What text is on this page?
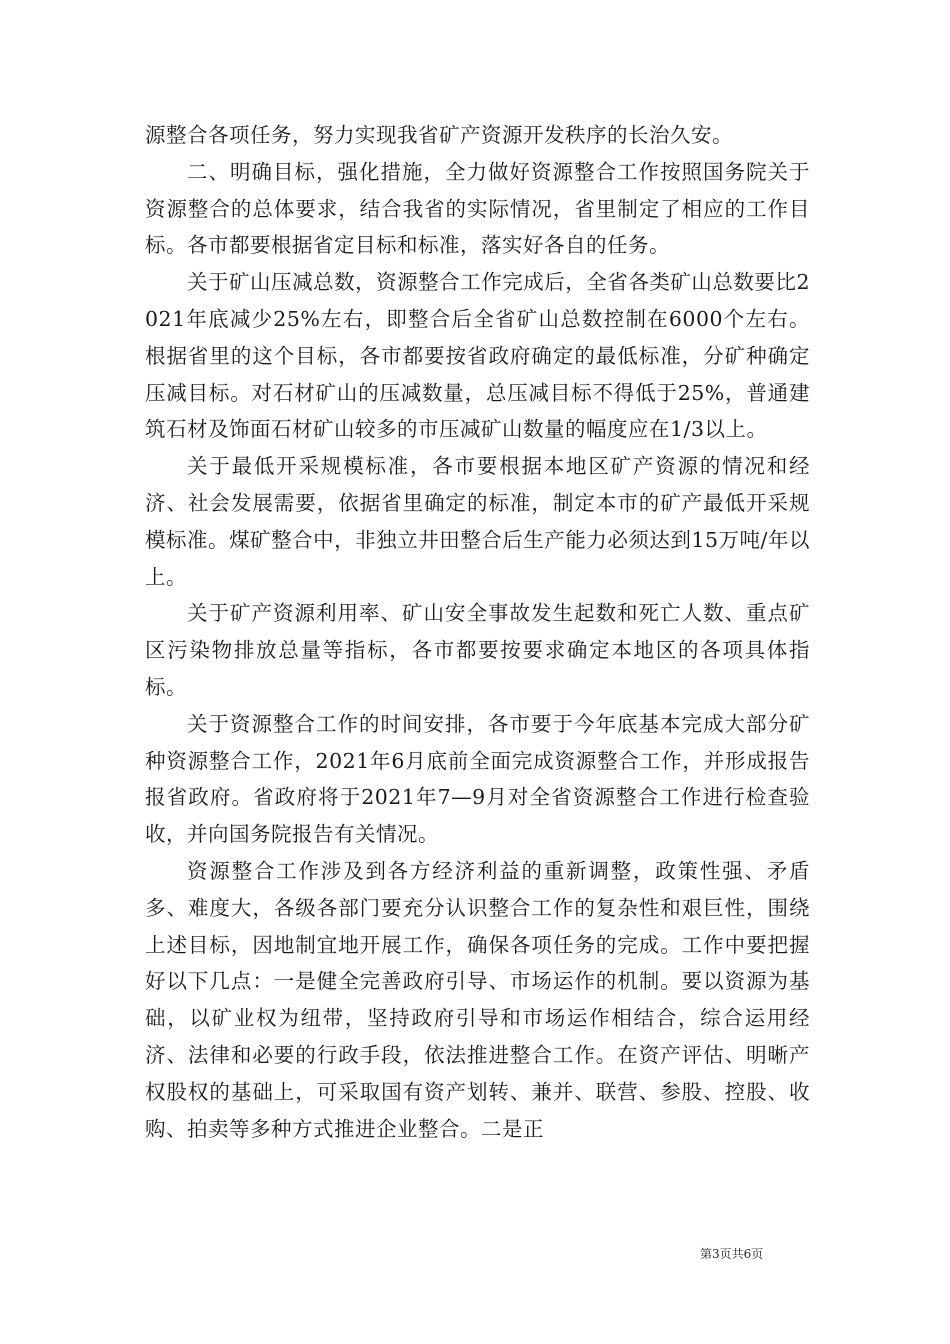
源整合各项任务，努力实现我省矿产资源开发秩序的长治久安。

二、明确目标，强化措施，全力做好资源整合工作按照国务院关于资源整合的总体要求，结合我省的实际情况，省里制定了相应的工作目标。各市都要根据省定目标和标准，落实好各自的任务。

关于矿山压减总数，资源整合工作完成后，全省各类矿山总数要比2021年底减少25%左右，即整合后全省矿山总数控制在6000个左右。根据省里的这个目标，各市都要按省政府确定的最低标准，分矿种确定压减目标。对石材矿山的压减数量，总压减目标不得低于25%，普通建筑石材及饰面石材矿山较多的市压减矿山数量的幅度应在1/3以上。

关于最低开采规模标准，各市要根据本地区矿产资源的情况和经济、社会发展需要，依据省里确定的标准，制定本市的矿产最低开采规模标准。煤矿整合中，非独立井田整合后生产能力必须达到15万吨/年以上。

关于矿产资源利用率、矿山安全事故发生起数和死亡人数、重点矿区污染物排放总量等指标，各市都要按要求确定本地区的各项具体指标。

关于资源整合工作的时间安排，各市要于今年底基本完成大部分矿种资源整合工作，2021年6月底前全面完成资源整合工作，并形成报告报省政府。省政府将于2021年7—9月对全省资源整合工作进行检查验收，并向国务院报告有关情况。

资源整合工作涉及到各方经济利益的重新调整，政策性强、矛盾多、难度大，各级各部门要充分认识整合工作的复杂性和艰巨性，围绕上述目标，因地制宜地开展工作，确保各项任务的完成。工作中要把握好以下几点：一是健全完善政府引导、市场运作的机制。要以资源为基础，以矿业权为纽带，坚持政府引导和市场运作相结合，综合运用经济、法律和必要的行政手段，依法推进整合工作。在资产评估、明晰产权股权的基础上，可采取国有资产划转、兼并、联营、参股、控股、收购、拍卖等多种方式推进企业整合。二是正

第3页共6页
